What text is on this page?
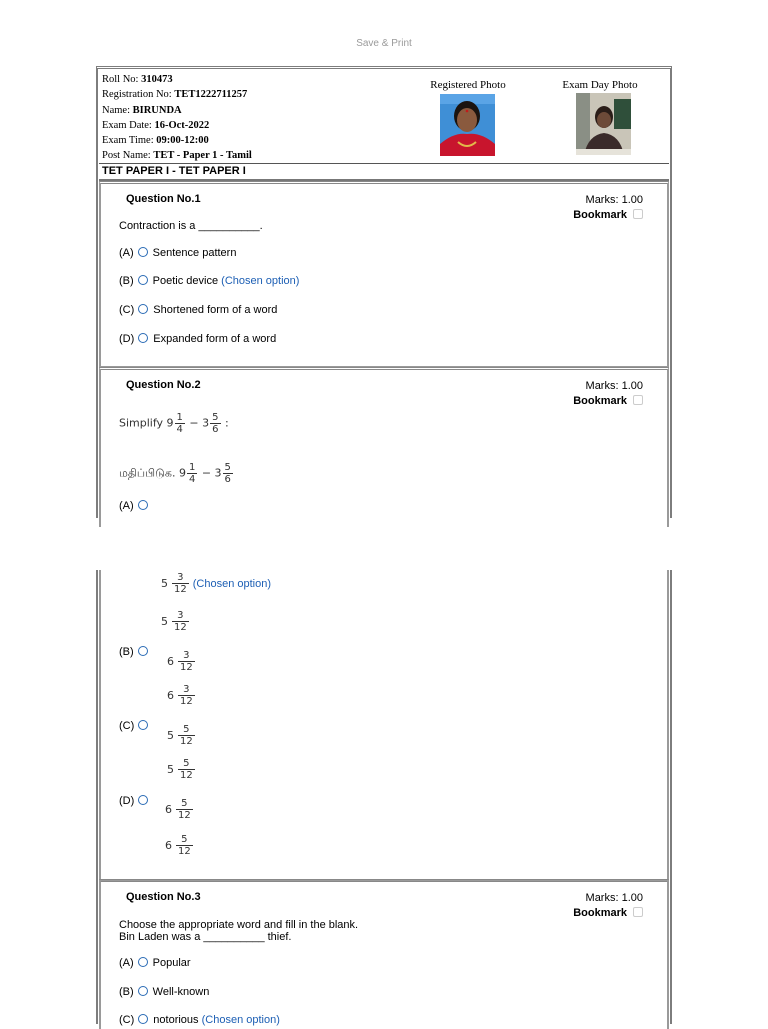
Save & Print
Roll No: 310473
Registration No: TET1222711257
Name: BIRUNDA
Exam Date: 16-Oct-2022
Exam Time: 09:00-12:00
Post Name: TET - Paper 1 - Tamil
Registered Photo	Exam Day Photo
TET PAPER I - TET PAPER I
Question No.1	Marks: 1.00
Bookmark
Contraction is a __________.
(A) Sentence pattern
(B) Poetic device (Chosen option)
(C) Shortened form of a word
(D) Expanded form of a word
Question No.2	Marks: 1.00
Bookmark
Simplify $9 \frac{1}{4} - 3 \frac{5}{6}$ :
மதிப்பிடுக. $9 \frac{1}{4} - 3 \frac{5}{6}$
(A)
$5 \frac{3}{12}$ (Chosen option)
$5 \frac{3}{12}$
(B)
$6 \frac{3}{12}$
$6 \frac{3}{12}$
(C)
$5 \frac{5}{12}$
$5 \frac{5}{12}$
(D)
$6 \frac{5}{12}$
$6 \frac{5}{12}$
Question No.3	Marks: 1.00
Bookmark
Choose the appropriate word and fill in the blank.
Bin Laden was a __________ thief.
(A) Popular
(B) Well-known
(C) notorious (Chosen option)
